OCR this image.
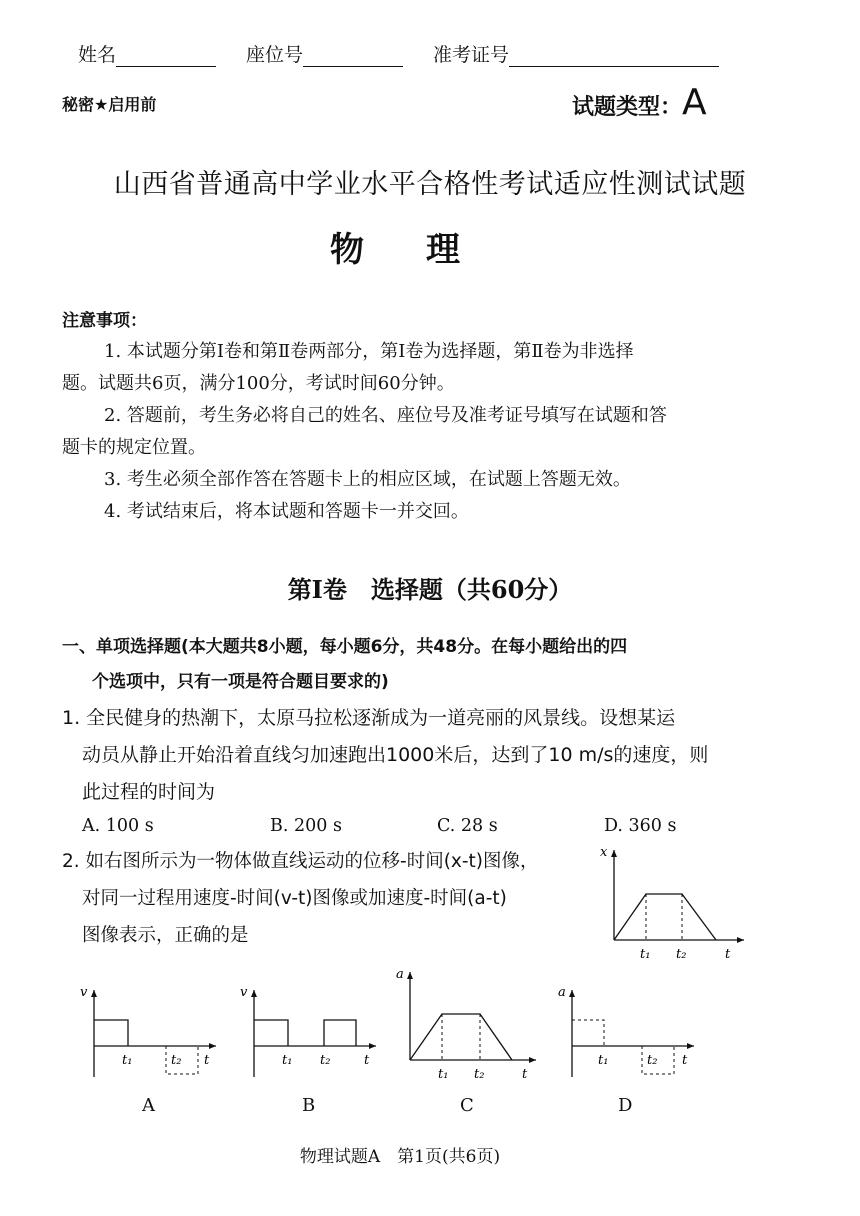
姓名	座位号	准考证号
秘密★启用前	试题类型：A
山西省普通高中学业水平合格性考试适应性测试试题
物理
注意事项：
1. 本试题分第Ⅰ卷和第Ⅱ卷两部分，第Ⅰ卷为选择题，第Ⅱ卷为非选择
题。试题共6页，满分100分，考试时间60分钟。
2. 答题前，考生务必将自己的姓名、座位号及准考证号填写在试题和答
题卡的规定位置。
3. 考生必须全部作答在答题卡上的相应区域，在试题上答题无效。
4. 考试结束后，将本试题和答题卡一并交回。
第Ⅰ卷　选择题（共60分）
一、单项选择题(本大题共8小题，每小题6分，共48分。在每小题给出的四
个选项中，只有一项是符合题目要求的)
1. 全民健身的热潮下，太原马拉松逐渐成为一道亮丽的风景线。设想某运
动员从静止开始沿着直线匀加速跑出1000米后，达到了10 m/s的速度，则
此过程的时间为
A. 100 s	B. 200 s	C. 28 s	D. 360 s
2. 如右图所示为一物体做直线运动的位移-时间(x-t)图像，
对同一过程用速度-时间(v-t)图像或加速度-时间(a-t)
图像表示，正确的是
x
t₁ t₂	t
v
t₁	t₂ t
A
v
t₁ t₂	t
B
a
t₁ t₂	t
C
a
t₁	t₂ t
D
物理试题A　第1页(共6页)
